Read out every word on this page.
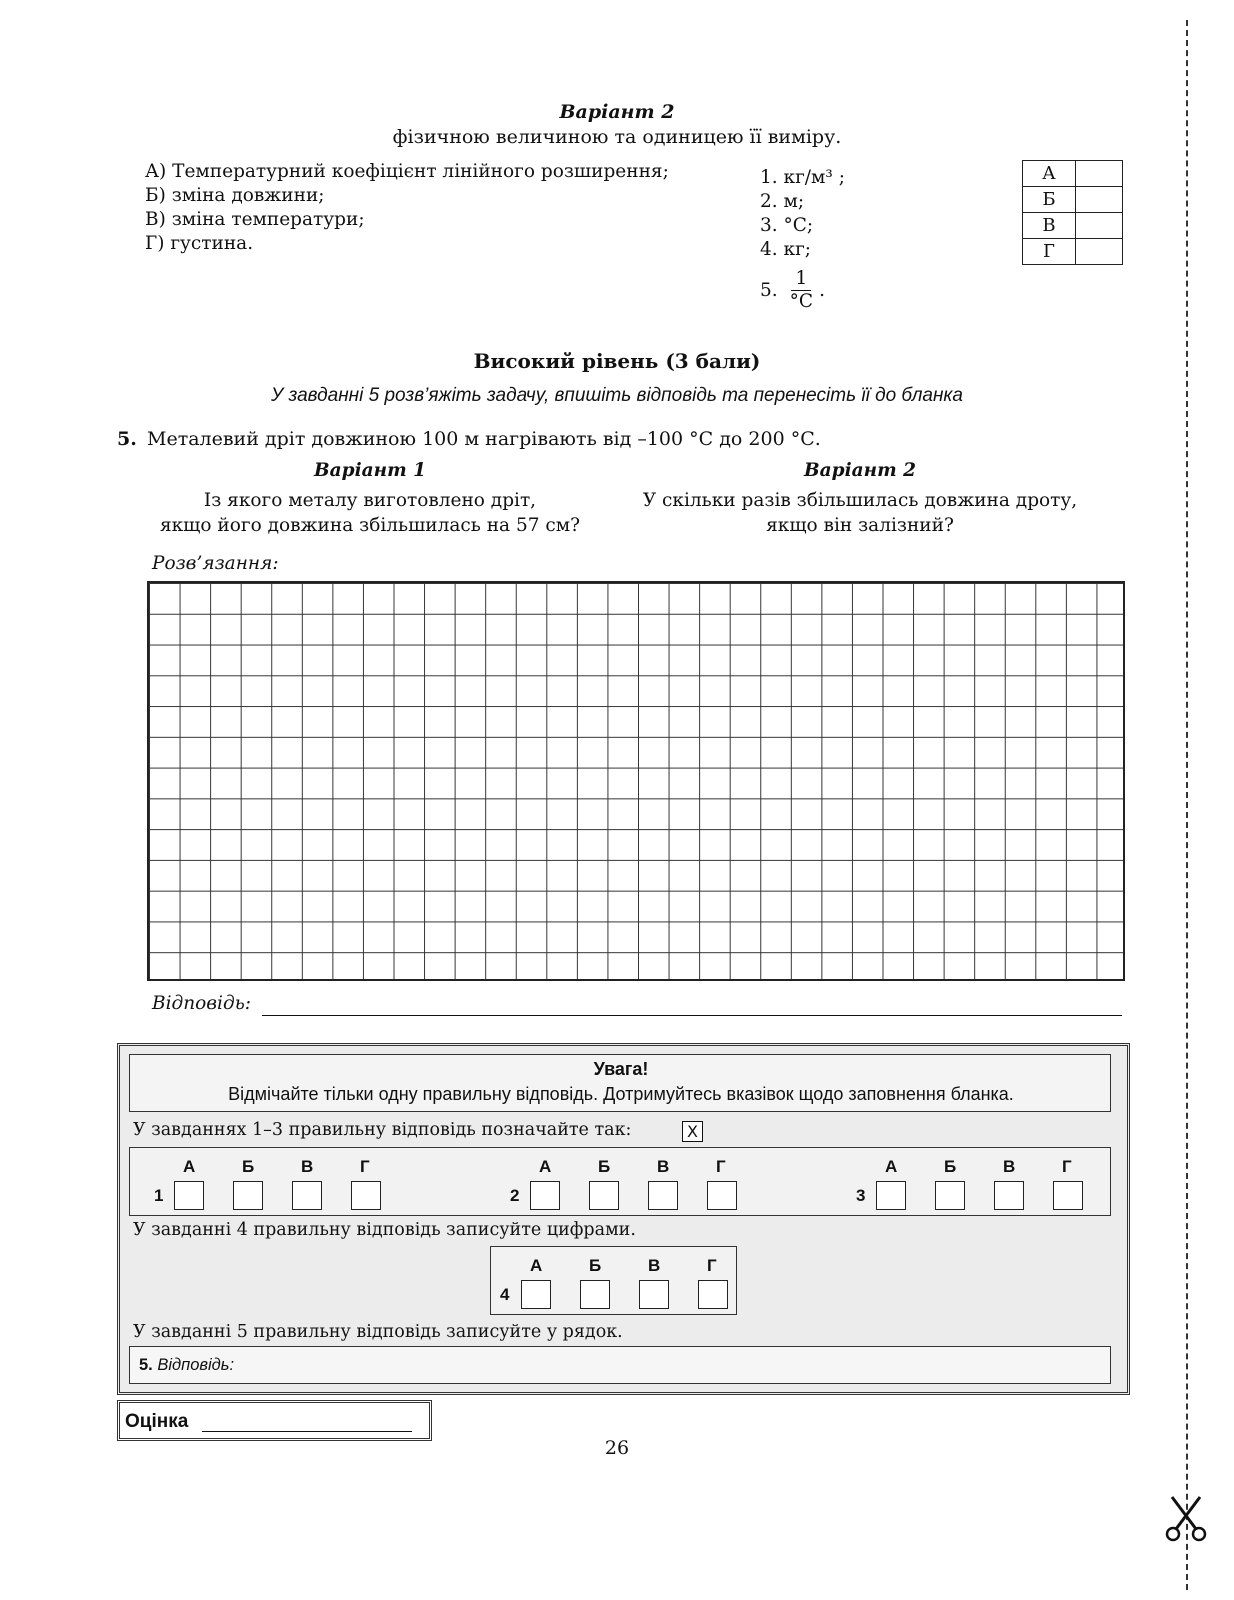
Варіант 2
фізичною величиною та одиницею її виміру.
А) Температурний коефіцієнт лінійного розширення;
Б) зміна довжини;
В) зміна температури;
Г) густина.
1. кг/м³ ;
2. м;
3. °С;
4. кг;
5.
1
°С
.
А	
Б	
В	
Г	
Високий рівень (3 бали)
У завданні 5 розв’яжіть задачу, впишіть відповідь та перенесіть її до бланка
5. Металевий дріт довжиною 100 м нагрівають від –100 °С до 200 °С.
Варіант 1
Із якого металу виготовлено дріт,
якщо його довжина збільшилась на 57 см?
Варіант 2
У скільки разів збільшилась довжина дроту,
якщо він залізний?
Розв’язання:
Відповідь:
Увага!
Відмічайте тільки одну правильну відповідь. Дотримуйтесь вказівок щодо заповнення бланка.
У завданнях 1–3 правильну відповідь позначайте так:	X
1
А	Б	В	Г
2
А	Б	В	Г
3
А	Б	В	Г
У завданні 4 правильну відповідь записуйте цифрами.
4
А	Б	В	Г
У завданні 5 правильну відповідь записуйте у рядок.
5. Відповідь:
Оцінка
26
